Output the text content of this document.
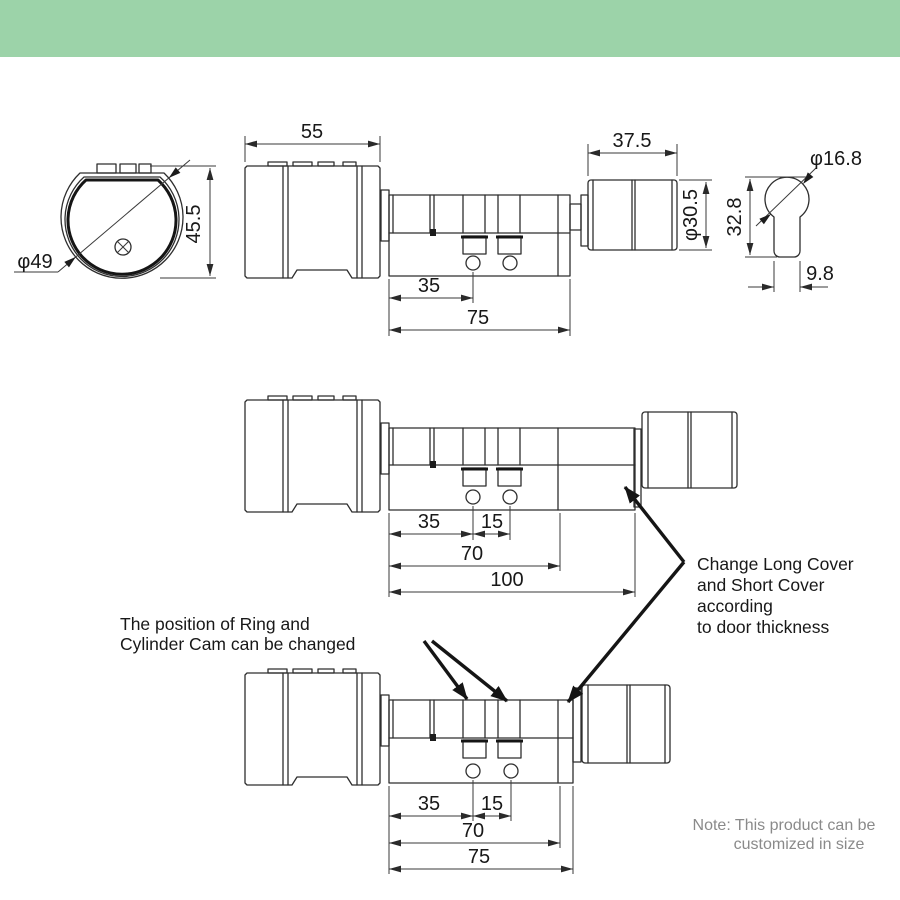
φ49
45.5
55	37.5
φ30.5
35
75
φ16.8
32.8
9.8
35 15
70
100
35 15
70
75
The position of Ring and
Cylinder Cam can be changed
Change Long Cover
and Short Cover
according
to door thickness
Note: This product can be
customized in size
